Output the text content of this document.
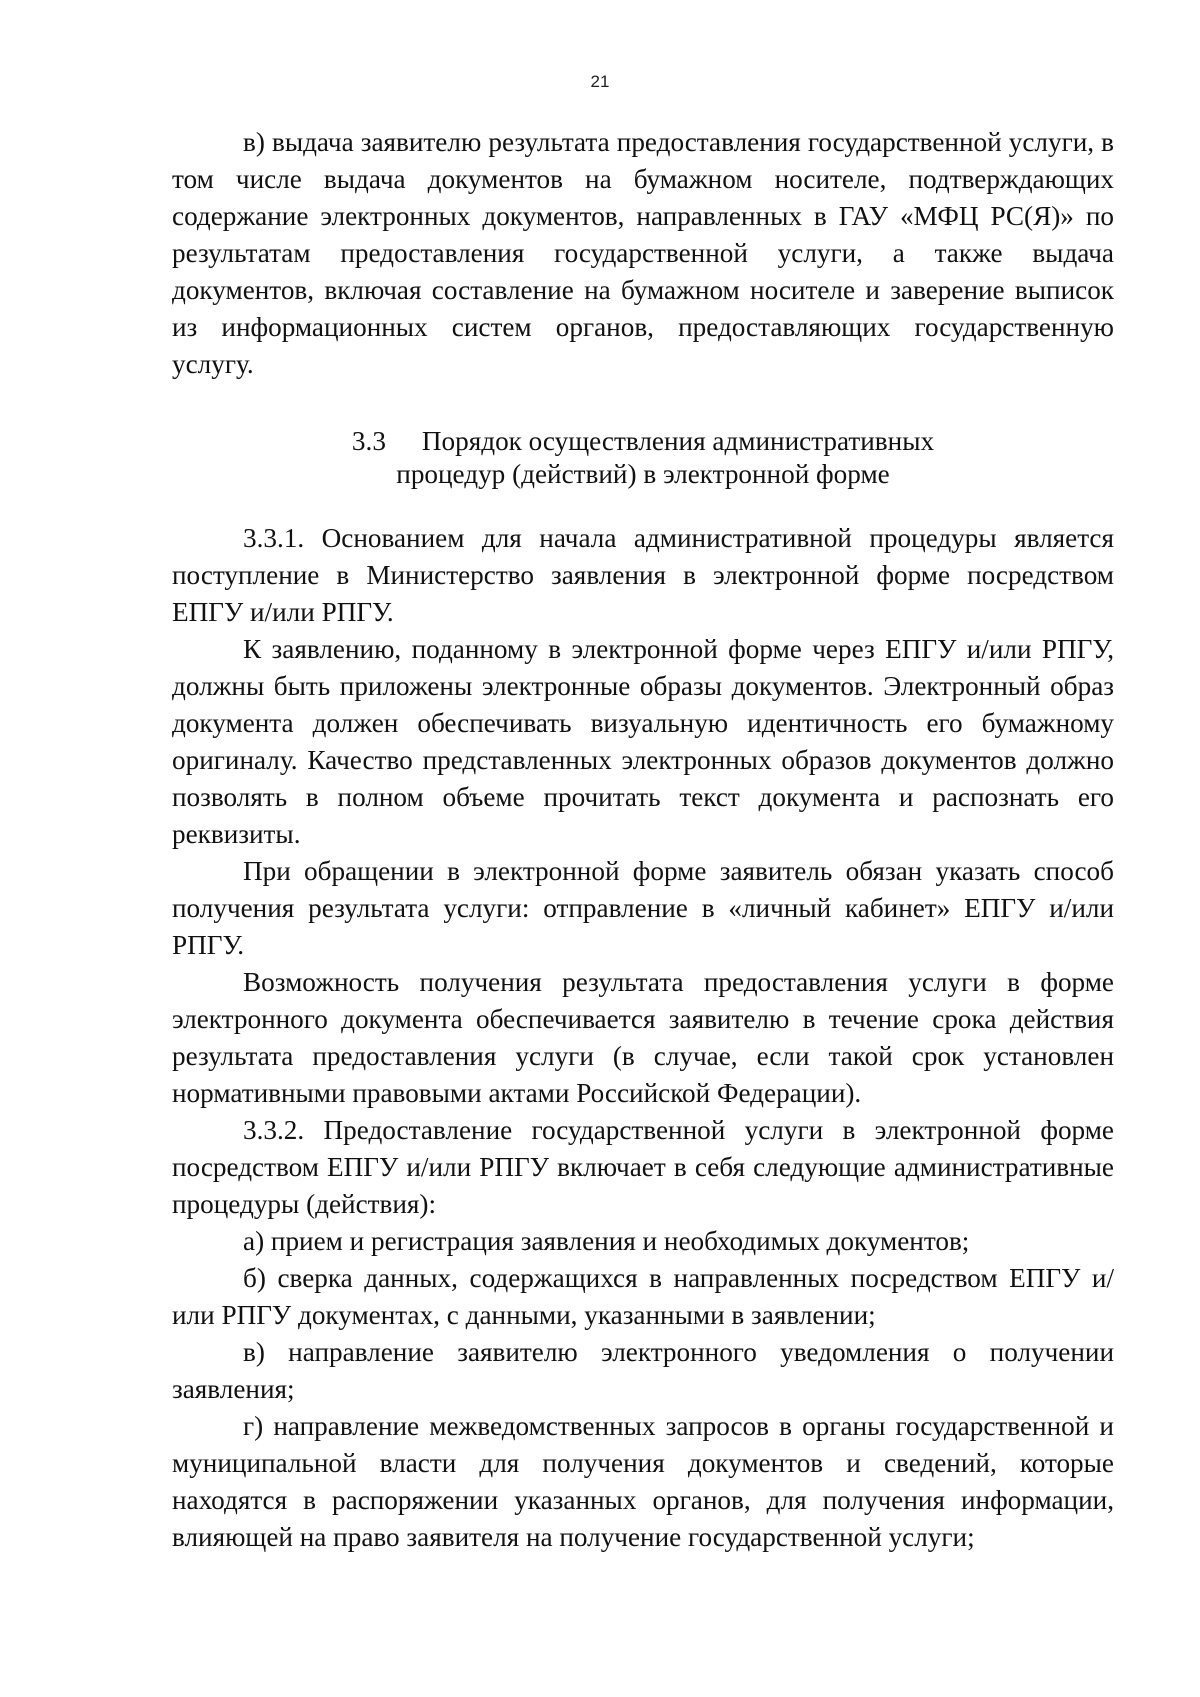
21

в) выдача заявителю результата предоставления государственной услуги, в том числе выдача документов на бумажном носителе, подтверждающих содержание электронных документов, направленных в ГАУ «МФЦ РС(Я)» по результатам предоставления государственной услуги, а также выдача документов, включая составление на бумажном носителе и заверение выписок из информационных систем органов, предоставляющих государственную услугу.

3.3 Порядок осуществления административных
процедур (действий) в электронной форме

3.3.1. Основанием для начала административной процедуры является поступление в Министерство заявления в электронной форме посредством ЕПГУ и/или РПГУ.

К заявлению, поданному в электронной форме через ЕПГУ и/или РПГУ, должны быть приложены электронные образы документов. Электронный образ документа должен обеспечивать визуальную идентичность его бумажному оригиналу. Качество представленных электронных образов документов должно позволять в полном объеме прочитать текст документа и распознать его реквизиты.

При обращении в электронной форме заявитель обязан указать способ получения результата услуги: отправление в «личный кабинет» ЕПГУ и/или РПГУ.

Возможность получения результата предоставления услуги в форме электронного документа обеспечивается заявителю в течение срока действия результата предоставления услуги (в случае, если такой срок установлен нормативными правовыми актами Российской Федерации).

3.3.2. Предоставление государственной услуги в электронной форме посредством ЕПГУ и/или РПГУ включает в себя следующие административные процедуры (действия):

а) прием и регистрация заявления и необходимых документов;

б) сверка данных, содержащихся в направленных посредством ЕПГУ и/или РПГУ документах, с данными, указанными в заявлении;

в) направление заявителю электронного уведомления о получении заявления;

г) направление межведомственных запросов в органы государственной и муниципальной власти для получения документов и сведений, которые находятся в распоряжении указанных органов, для получения информации, влияющей на право заявителя на получение государственной услуги;
